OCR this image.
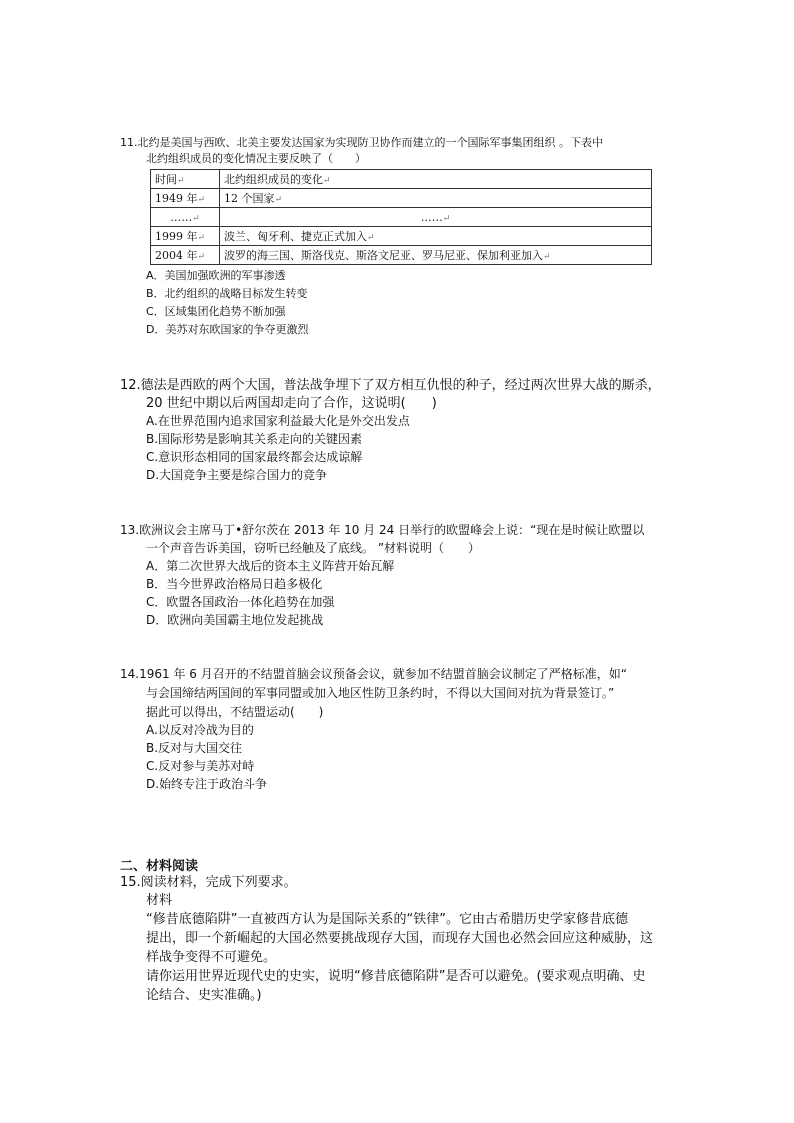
11.北约是美国与西欧、北美主要发达国家为实现防卫协作而建立的一个国际军事集团组织 。下表中
北约组织成员的变化情况主要反映了（　　）
时间↵	北约组织成员的变化↵
1949 年↵	12 个国家↵
……↵	……↵
1999 年↵	波兰、匈牙利、捷克正式加入↵
2004 年↵	波罗的海三国、斯洛伐克、斯洛文尼亚、罗马尼亚、保加利亚加入↵
A．美国加强欧洲的军事渗透
B．北约组织的战略目标发生转变
C．区域集团化趋势不断加强
D．美苏对东欧国家的争夺更激烈
12.德法是西欧的两个大国，普法战争埋下了双方相互仇恨的种子，经过两次世界大战的厮杀，
20 世纪中期以后两国却走向了合作，这说明(　　)
A.在世界范围内追求国家利益最大化是外交出发点
B.国际形势是影响其关系走向的关键因素
C.意识形态相同的国家最终都会达成谅解
D.大国竞争主要是综合国力的竞争
13.欧洲议会主席马丁•舒尔茨在 2013 年 10 月 24 日举行的欧盟峰会上说：“现在是时候让欧盟以
一个声音告诉美国，窃听已经触及了底线。 ”材料说明（　　）
A．第二次世界大战后的资本主义阵营开始瓦解
B．当今世界政治格局日趋多极化
C．欧盟各国政治一体化趋势在加强
D．欧洲向美国霸主地位发起挑战
14.1961 年 6 月召开的不结盟首脑会议预备会议，就参加不结盟首脑会议制定了严格标准，如“
与会国缔结两国间的军事同盟或加入地区性防卫条约时，不得以大国间对抗为背景签订。”
据此可以得出，不结盟运动(　　)
A.以反对冷战为目的
B.反对与大国交往
C.反对参与美苏对峙
D.始终专注于政治斗争
二、材料阅读
15.阅读材料，完成下列要求。
材料
“修昔底德陷阱”一直被西方认为是国际关系的“铁律”。它由古希腊历史学家修昔底德
提出，即一个新崛起的大国必然要挑战现存大国，而现存大国也必然会回应这种威胁，这
样战争变得不可避免。
请你运用世界近现代史的史实，说明“修昔底德陷阱”是否可以避免。(要求观点明确、史
论结合、史实准确。)
